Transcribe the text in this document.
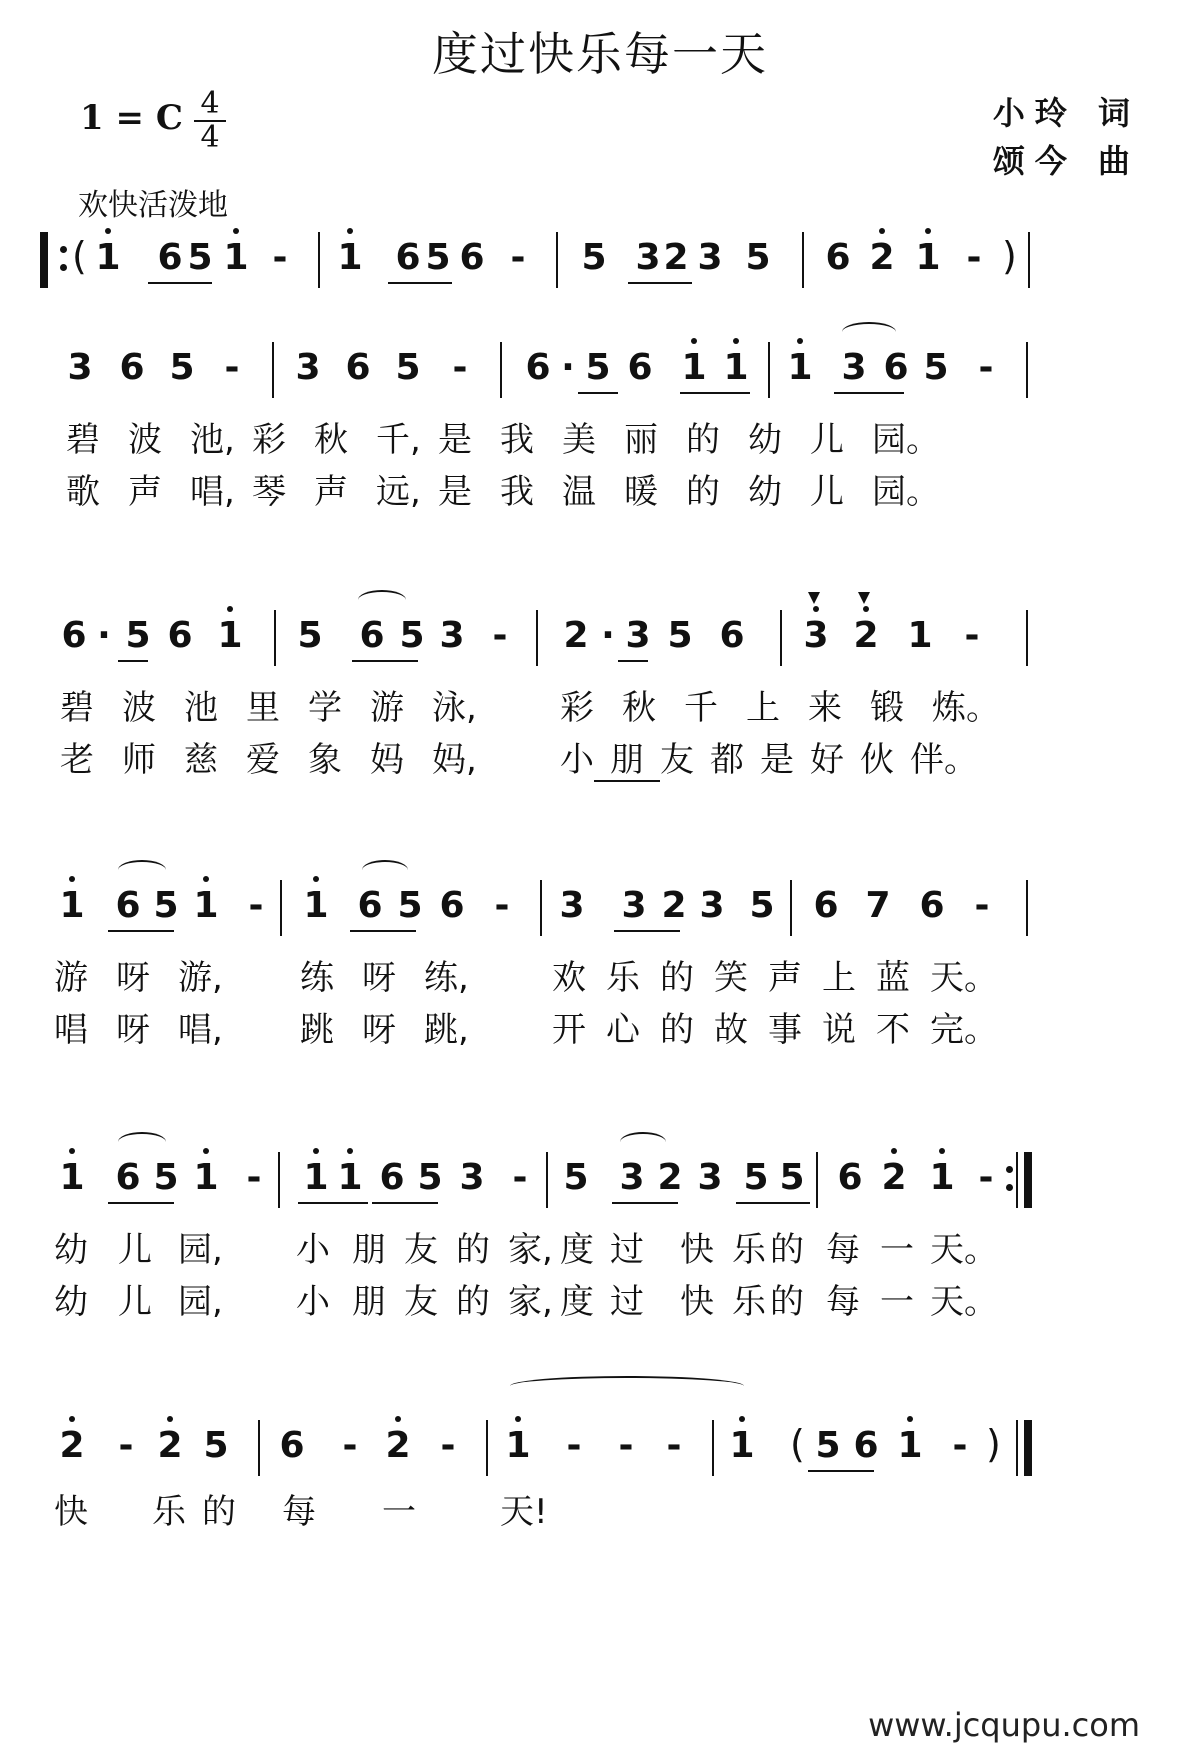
度过快乐每一天
1 = C 4
4
欢快活泼地
小玲 词
颂今 曲
( 1 6 5 1 -	1 6 5 6 -	5 3 2 3 5 6 2 1 - )
3 6 5 -	3 6 5 -	6 · 5 6 1 1 1 3 6 5 -
碧 波 池, 彩 秋 千, 是 我 美 丽 的 幼 儿 园。
歌 声 唱, 琴 声 远, 是 我 温 暖 的 幼 儿 园。
6 · 5 6 1 5 6 5 3 -	2 · 3 5 6 3 2 1 -
碧 波 池 里 学 游 泳, 彩 秋 千 上 来 锻 炼。
老 师 慈 爱 象 妈 妈, 小 朋 友 都 是 好 伙 伴。
1 6 5 1 -	1 6 5 6 -	3 3 2 3 5 6 7 6 -
游 呀 游, 练 呀 练, 欢 乐 的 笑 声 上 蓝 天。
唱 呀 唱, 跳 呀 跳, 开 心 的 故 事 说 不 完。
1 6 5 1 -	1 1 6 5 3 -	5 3 2 3 5 5 6 2 1 -
幼 儿 园, 小 朋 友 的 家, 度 过 快 乐 的 每 一 天。
幼 儿 园, 小 朋 友 的 家, 度 过 快 乐 的 每 一 天。
2 - 2 5 6	- 2 -	1 -	- -	1 ( 5 6 1 - )
快 乐 的 每 一 天!
www.jcqupu.com
